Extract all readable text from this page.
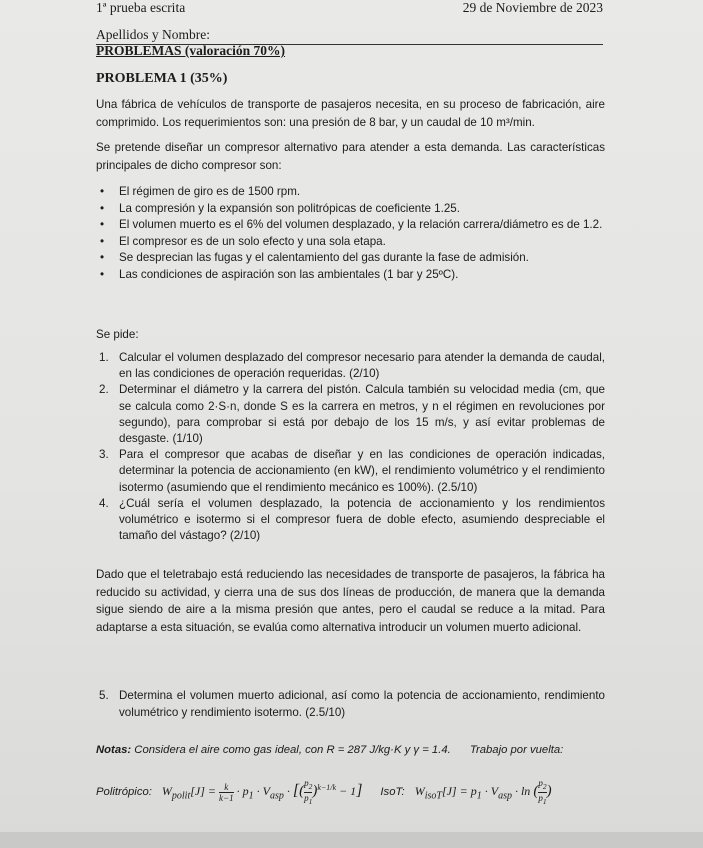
1ª prueba escrita	29 de Noviembre de 2023
Apellidos y Nombre:
PROBLEMAS (valoración 70%)
PROBLEMA 1 (35%)

Una fábrica de vehículos de transporte de pasajeros necesita, en su proceso de fabricación, aire comprimido. Los requerimientos son: una presión de 8 bar, y un caudal de 10 m³/min.

Se pretende diseñar un compresor alternativo para atender a esta demanda. Las características principales de dicho compresor son:

• El régimen de giro es de 1500 rpm.
• La compresión y la expansión son politrópicas de coeficiente 1.25.
• El volumen muerto es el 6% del volumen desplazado, y la relación carrera/diámetro es de 1.2.
• El compresor es de un solo efecto y una sola etapa.
• Se desprecian las fugas y el calentamiento del gas durante la fase de admisión.
• Las condiciones de aspiración son las ambientales (1 bar y 25ºC).
Se pide:
1. Calcular el volumen desplazado del compresor necesario para atender la demanda de caudal, en las condiciones de operación requeridas. (2/10)
2. Determinar el diámetro y la carrera del pistón. Calcula también su velocidad media (cm, que se calcula como 2·S·n, donde S es la carrera en metros, y n el régimen en revoluciones por segundo), para comprobar si está por debajo de los 15 m/s, y así evitar problemas de desgaste. (1/10)
3. Para el compresor que acabas de diseñar y en las condiciones de operación indicadas, determinar la potencia de accionamiento (en kW), el rendimiento volumétrico y el rendimiento isotermo (asumiendo que el rendimiento mecánico es 100%). (2.5/10)
4. ¿Cuál sería el volumen desplazado, la potencia de accionamiento y los rendimientos volumétrico e isotermo si el compresor fuera de doble efecto, asumiendo despreciable el tamaño del vástago? (2/10)

Dado que el teletrabajo está reduciendo las necesidades de transporte de pasajeros, la fábrica ha reducido su actividad, y cierra una de sus dos líneas de producción, de manera que la demanda sigue siendo de aire a la misma presión que antes, pero el caudal se reduce a la mitad. Para adaptarse a esta situación, se evalúa como alternativa introducir un volumen muerto adicional.

5. Determina el volumen muerto adicional, así como la potencia de accionamiento, rendimiento volumétrico y rendimiento isotermo. (2.5/10)
Notas: Considera el aire como gas ideal, con R = 287 J/kg·K y γ = 1.4. Trabajo por vuelta:
Politrópico: $W_{polit}[J] = \frac{k}{k-1} \cdot p_1 \cdot V_{asp}$ · [( $\frac{p_2}{p_1} )^{k-1/k} - 1$] IsoT: $W_{isoT}[J] = p_1 \cdot V_{asp} \cdot \ln$ ( $\frac{p_2}{p_1}$ )
